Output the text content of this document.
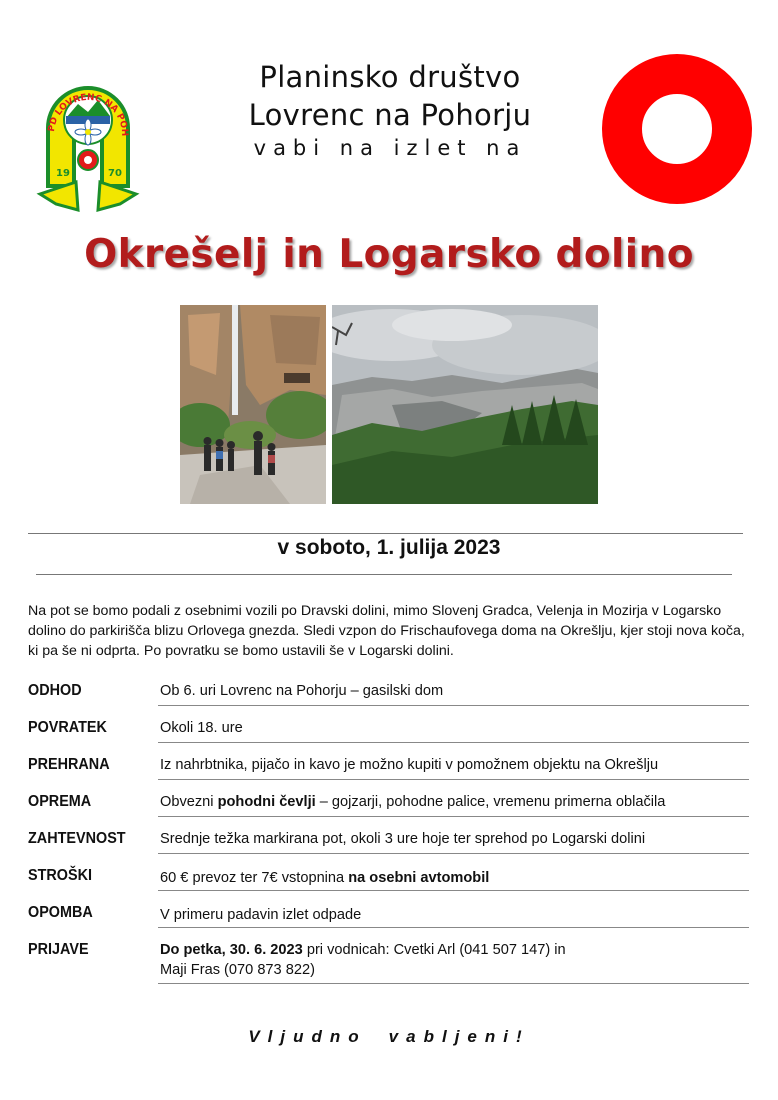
PD LOVRENC NA POH
19	70
Planinsko društvo
Lovrenc na Pohorju
vabi na izlet na
Okrešelj in Logarsko dolino
v soboto, 1. julija 2023
Na pot se bomo podali z osebnimi vozili po Dravski dolini, mimo Slovenj Gradca, Velenja in Mozirja v Logarsko dolino do parkirišča blizu Orlovega gnezda. Sledi vzpon do Frischaufovega doma na Okrešlju, kjer stoji nova koča, ki pa še ni odprta. Po povratku se bomo ustavili še v Logarski dolini.
ODHOD	Ob 6. uri Lovrenc na Pohorju – gasilski dom
POVRATEK	Okoli 18. ure
PREHRANA	Iz nahrbtnika, pijačo in kavo je možno kupiti v pomožnem objektu na Okrešlju
OPREMA	Obvezni pohodni čevlji – gojzarji, pohodne palice, vremenu primerna oblačila
ZAHTEVNOST Srednje težka markirana pot, okoli 3 ure hoje ter sprehod po Logarski dolini
STROŠKI	60 € prevoz ter 7€ vstopnina na osebni avtomobil
OPOMBA	V primeru padavin izlet odpade
PRIJAVE	Do petka, 30. 6. 2023 pri vodnicah: Cvetki Arl (041 507 147) in
Maji Fras (070 873 822)
Vljudno vabljeni!
